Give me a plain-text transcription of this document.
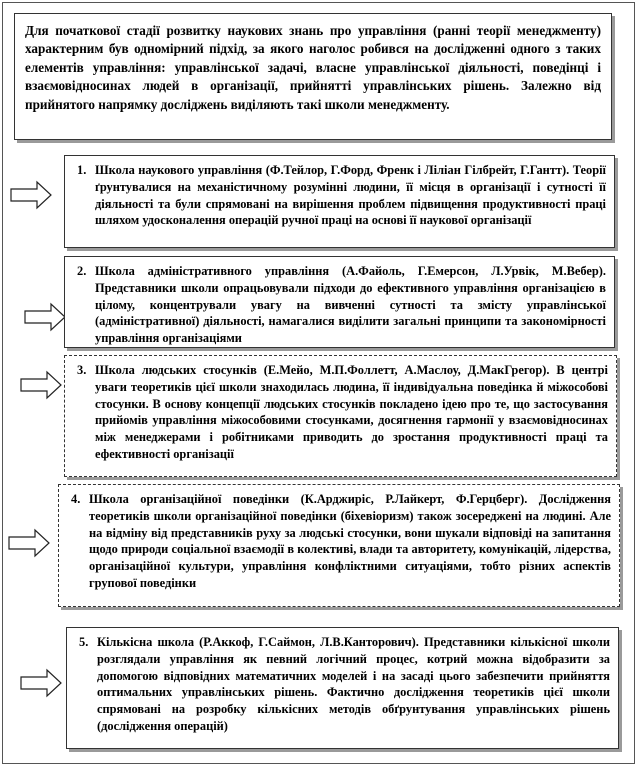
Для початкової стадії розвитку наукових знань про управління (ранні теорії менеджменту) характерним був одномірний підхід, за якого наголос робився на дослідженні одного з таких елементів управління: управлінської задачі, власне управлінської діяльності, поведінці і взаємовідносинах людей в організації, прийнятті управлінських рішень. Залежно від прийнятого напрямку досліджень виділяють такі школи менеджменту.
1. Школа наукового управління (Ф.Тейлор, Г.Форд, Френк і Ліліан Гілбрейт, Г.Гантт). Теорії ґрунтувалися на механістичному розумінні людини, її місця в організації і сутності її діяльності та були спрямовані на вирішення проблем підвищення продуктивності праці шляхом удосконалення операцій ручної праці на основі її наукової організації
2. Школа адміністративного управління (А.Файоль, Г.Емерсон, Л.Урвік, М.Вебер). Представники школи опрацьовували підходи до ефективного управління організацією в цілому, концентрували увагу на вивченні сутності та змісту управлінської (адміністративної) діяльності, намагалися виділити загальні принципи та закономірності управління організаціями
3. Школа людських стосунків (Е.Мейо, М.П.Фоллетт, А.Маслоу, Д.МакГрегор). В центрі уваги теоретиків цієї школи знаходилась людина, її індивідуальна поведінка й міжособові стосунки. В основу концепції людських стосунків покладено ідею про те, що застосування прийомів управління міжособовими стосунками, досягнення гармонії у взаємовідносинах між менеджерами і робітниками приводить до зростання продуктивності праці та ефективності організації
4. Школа організаційної поведінки (К.Арджиріс, Р.Лайкерт, Ф.Герцберг). Дослідження теоретиків школи організаційної поведінки (біхевіоризм) також зосереджені на людині. Але на відміну від представників руху за людські стосунки, вони шукали відповіді на запитання щодо природи соціальної взаємодії в колективі, влади та авторитету, комунікацій, лідерства, організаційної культури, управління конфліктними ситуаціями, тобто різних аспектів групової поведінки
5. Кількісна школа (Р.Аккоф, Г.Саймон, Л.В.Канторович). Представники кількісної школи розглядали управління як певний логічний процес, котрий можна відобразити за допомогою відповідних математичних моделей і на засаді цього забезпечити прийняття оптимальних управлінських рішень. Фактично дослідження теоретиків цієї школи спрямовані на розробку кількісних методів обґрунтування управлінських рішень (дослідження операцій)
